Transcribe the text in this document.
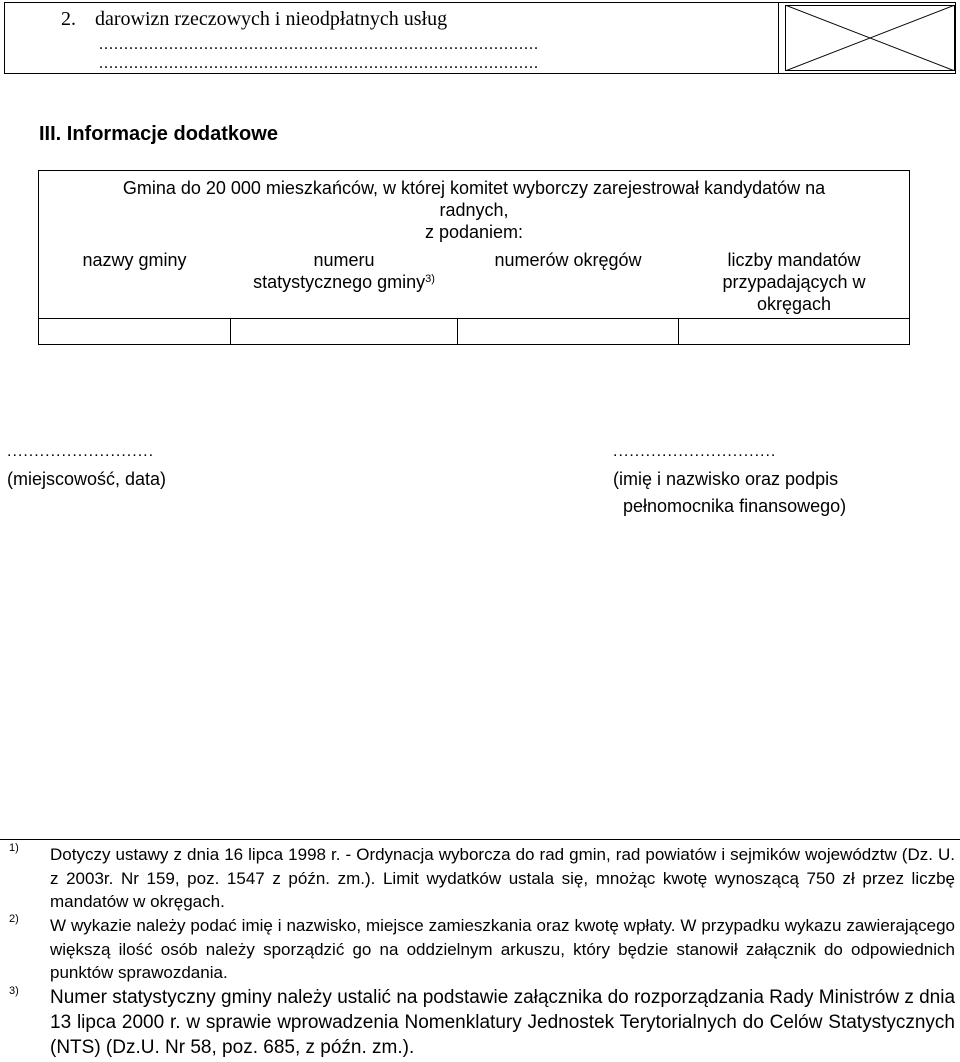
2. darowizn rzeczowych i nieodpłatnych usług
........................................................................................
........................................................................................
III. Informacje dodatkowe
Gmina do 20 000 mieszkańców, w której komitet wyborczy zarejestrował kandydatów na
radnych,
z podaniem:
nazwy gminy	numeru
statystycznego gminy$^{3)}$
numerów okręgów	liczby mandatów
przypadających w
okręgach
...........................
(miejscowość, data)
..............................
(imię i nazwisko oraz podpis
pełnomocnika finansowego)
1)
2)
3)

Dotyczy ustawy z dnia 16 lipca 1998 r. - Ordynacja wyborcza do rad gmin, rad powiatów i sejmików województw (Dz. U. z 2003r. Nr 159, poz. 1547 z późn. zm.). Limit wydatków ustala się, mnożąc kwotę wynoszącą 750 zł przez liczbę mandatów w okręgach.

W wykazie należy podać imię i nazwisko, miejsce zamieszkania oraz kwotę wpłaty. W przypadku wykazu zawierającego większą ilość osób należy sporządzić go na oddzielnym arkuszu, który będzie stanowił załącznik do odpowiednich punktów sprawozdania.

Numer statystyczny gminy należy ustalić na podstawie załącznika do rozporządzania Rady Ministrów z dnia 13 lipca 2000 r. w sprawie wprowadzenia Nomenklatury Jednostek Terytorialnych do Celów Statystycznych (NTS) (Dz.U. Nr 58, poz. 685, z późn. zm.).
